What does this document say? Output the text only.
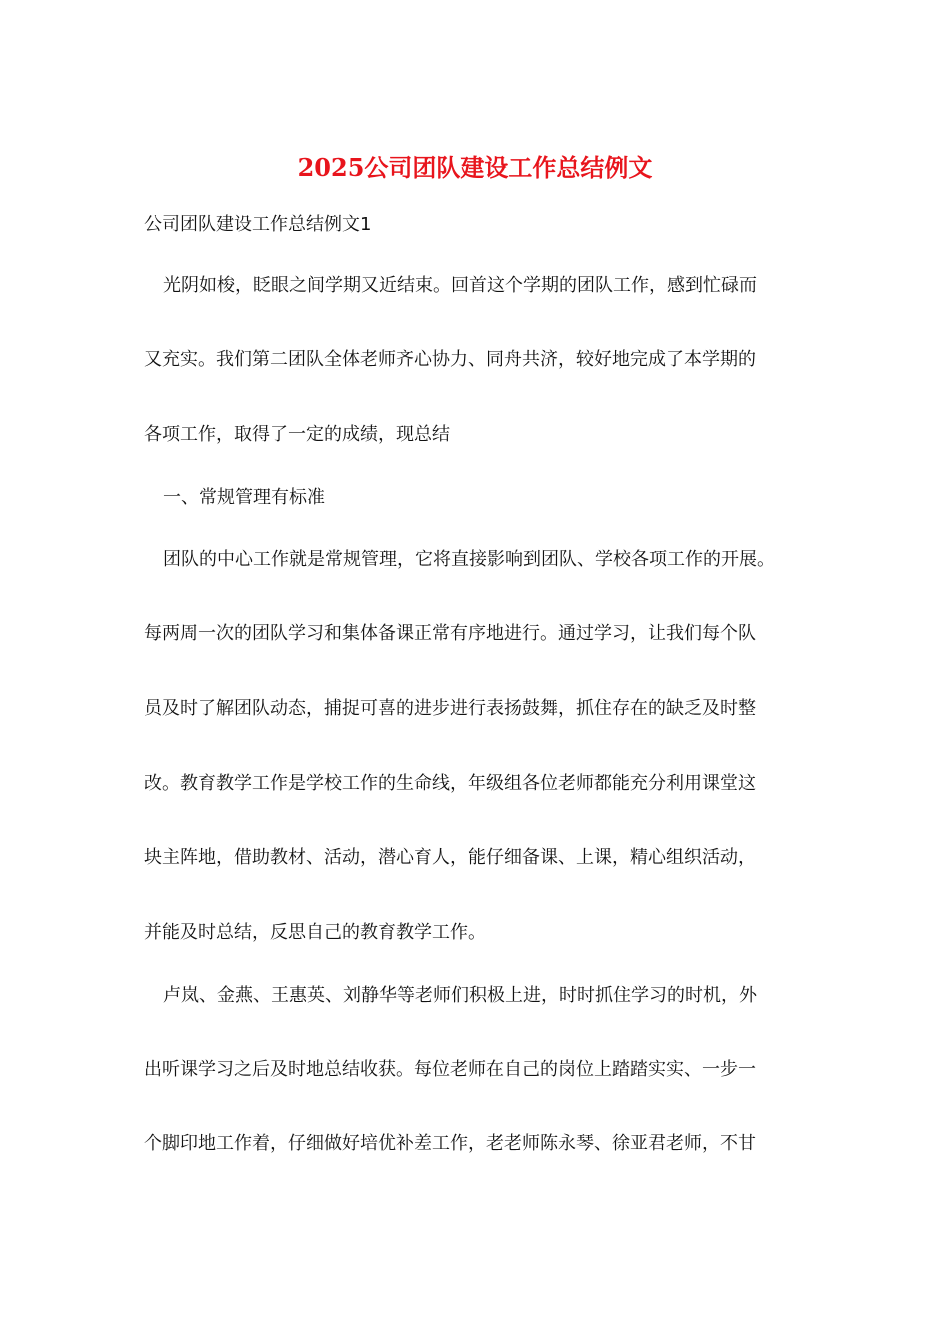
2025公司团队建设工作总结例文

公司团队建设工作总结例文1

光阴如梭，眨眼之间学期又近结束。回首这个学期的团队工作，感到忙碌而

又充实。我们第二团队全体老师齐心协力、同舟共济，较好地完成了本学期的

各项工作，取得了一定的成绩，现总结

一、常规管理有标准

团队的中心工作就是常规管理，它将直接影响到团队、学校各项工作的开展。

每两周一次的团队学习和集体备课正常有序地进行。通过学习，让我们每个队

员及时了解团队动态，捕捉可喜的进步进行表扬鼓舞，抓住存在的缺乏及时整

改。教育教学工作是学校工作的生命线，年级组各位老师都能充分利用课堂这

块主阵地，借助教材、活动，潜心育人，能仔细备课、上课，精心组织活动，

并能及时总结，反思自己的教育教学工作。

卢岚、金燕、王惠英、刘静华等老师们积极上进，时时抓住学习的时机，外

出听课学习之后及时地总结收获。每位老师在自己的岗位上踏踏实实、一步一

个脚印地工作着，仔细做好培优补差工作，老老师陈永琴、徐亚君老师，不甘
